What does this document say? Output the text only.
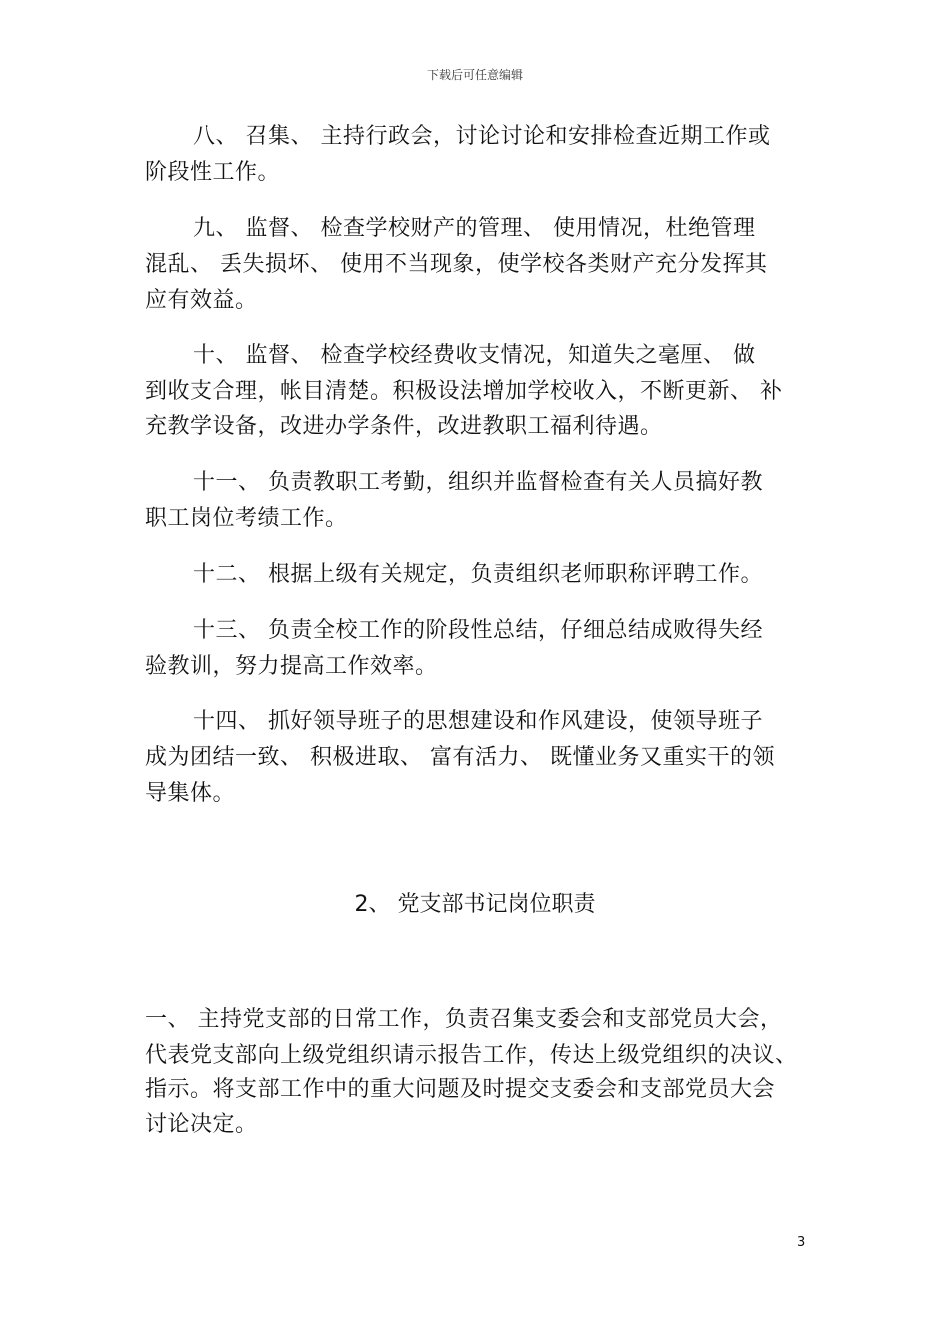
下载后可任意编辑
八、 召集、 主持行政会，讨论讨论和安排检查近期工作或
阶段性工作。
九、 监督、 检查学校财产的管理、 使用情况，杜绝管理
混乱、 丢失损坏、 使用不当现象，使学校各类财产充分发挥其
应有效益。
十、 监督、 检查学校经费收支情况，知道失之毫厘、 做
到收支合理，帐目清楚。积极设法增加学校收入，不断更新、 补
充教学设备，改进办学条件，改进教职工福利待遇。
十一、 负责教职工考勤，组织并监督检查有关人员搞好教
职工岗位考绩工作。
十二、 根据上级有关规定，负责组织老师职称评聘工作。
十三、 负责全校工作的阶段性总结，仔细总结成败得失经
验教训，努力提高工作效率。
十四、 抓好领导班子的思想建设和作风建设，使领导班子
成为团结一致、 积极进取、 富有活力、 既懂业务又重实干的领
导集体。
2、 党支部书记岗位职责
一、 主持党支部的日常工作，负责召集支委会和支部党员大会，
代表党支部向上级党组织请示报告工作，传达上级党组织的决议、
指示。将支部工作中的重大问题及时提交支委会和支部党员大会
讨论决定。
3
